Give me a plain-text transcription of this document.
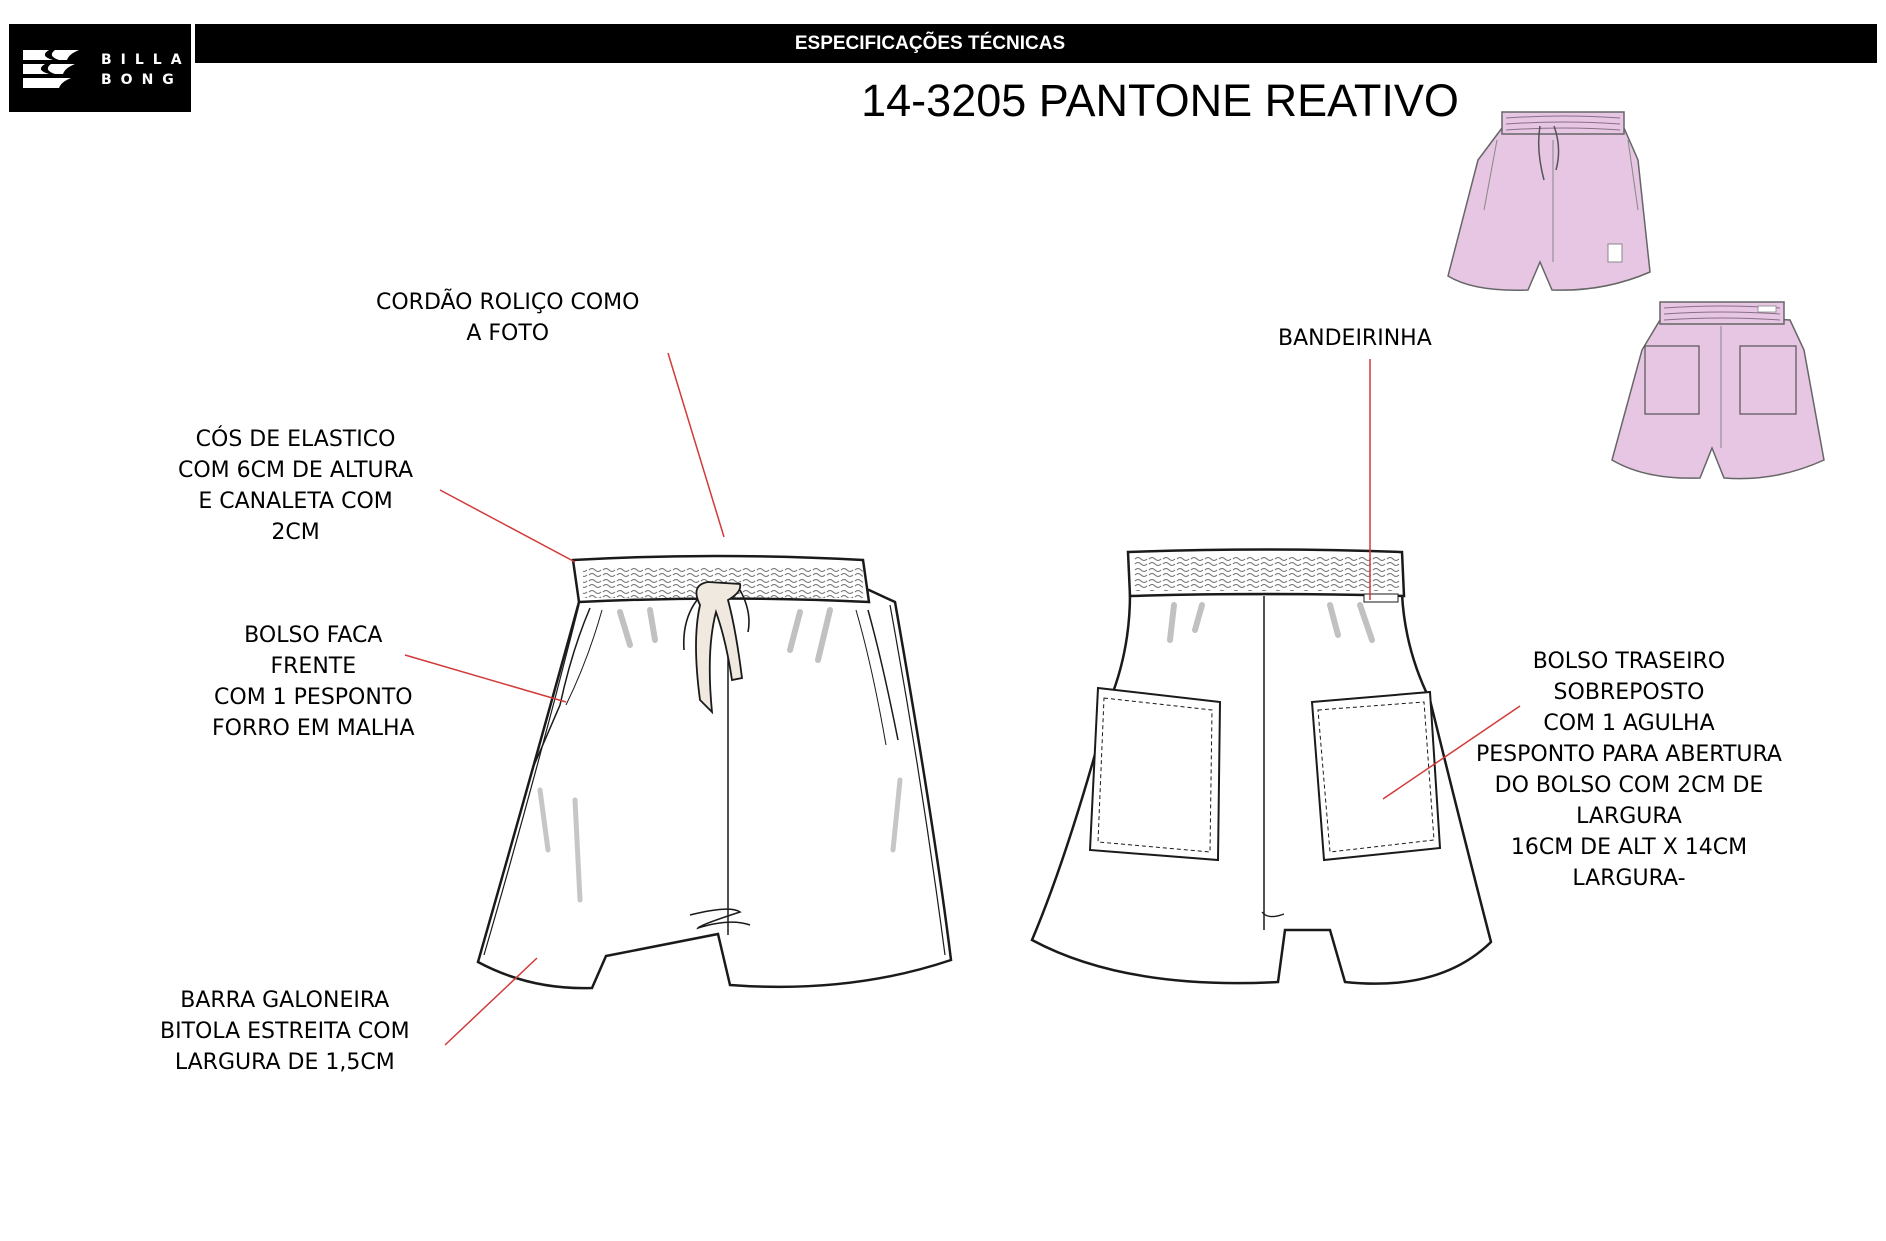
BILLA
BONG
ESPECIFICAÇÕES TÉCNICAS
14-3205 PANTONE REATIVO
CORDÃO ROLIÇO COMO
A FOTO
CÓS DE ELASTICO
COM 6CM DE ALTURA
E CANALETA COM
2CM
BOLSO FACA
FRENTE
COM 1 PESPONTO
FORRO EM MALHA
BARRA GALONEIRA
BITOLA ESTREITA COM
LARGURA DE 1,5CM
BANDEIRINHA
BOLSO TRASEIRO
SOBREPOSTO
COM 1 AGULHA
PESPONTO PARA ABERTURA
DO BOLSO COM 2CM DE
LARGURA
16CM DE ALT X 14CM
LARGURA-
